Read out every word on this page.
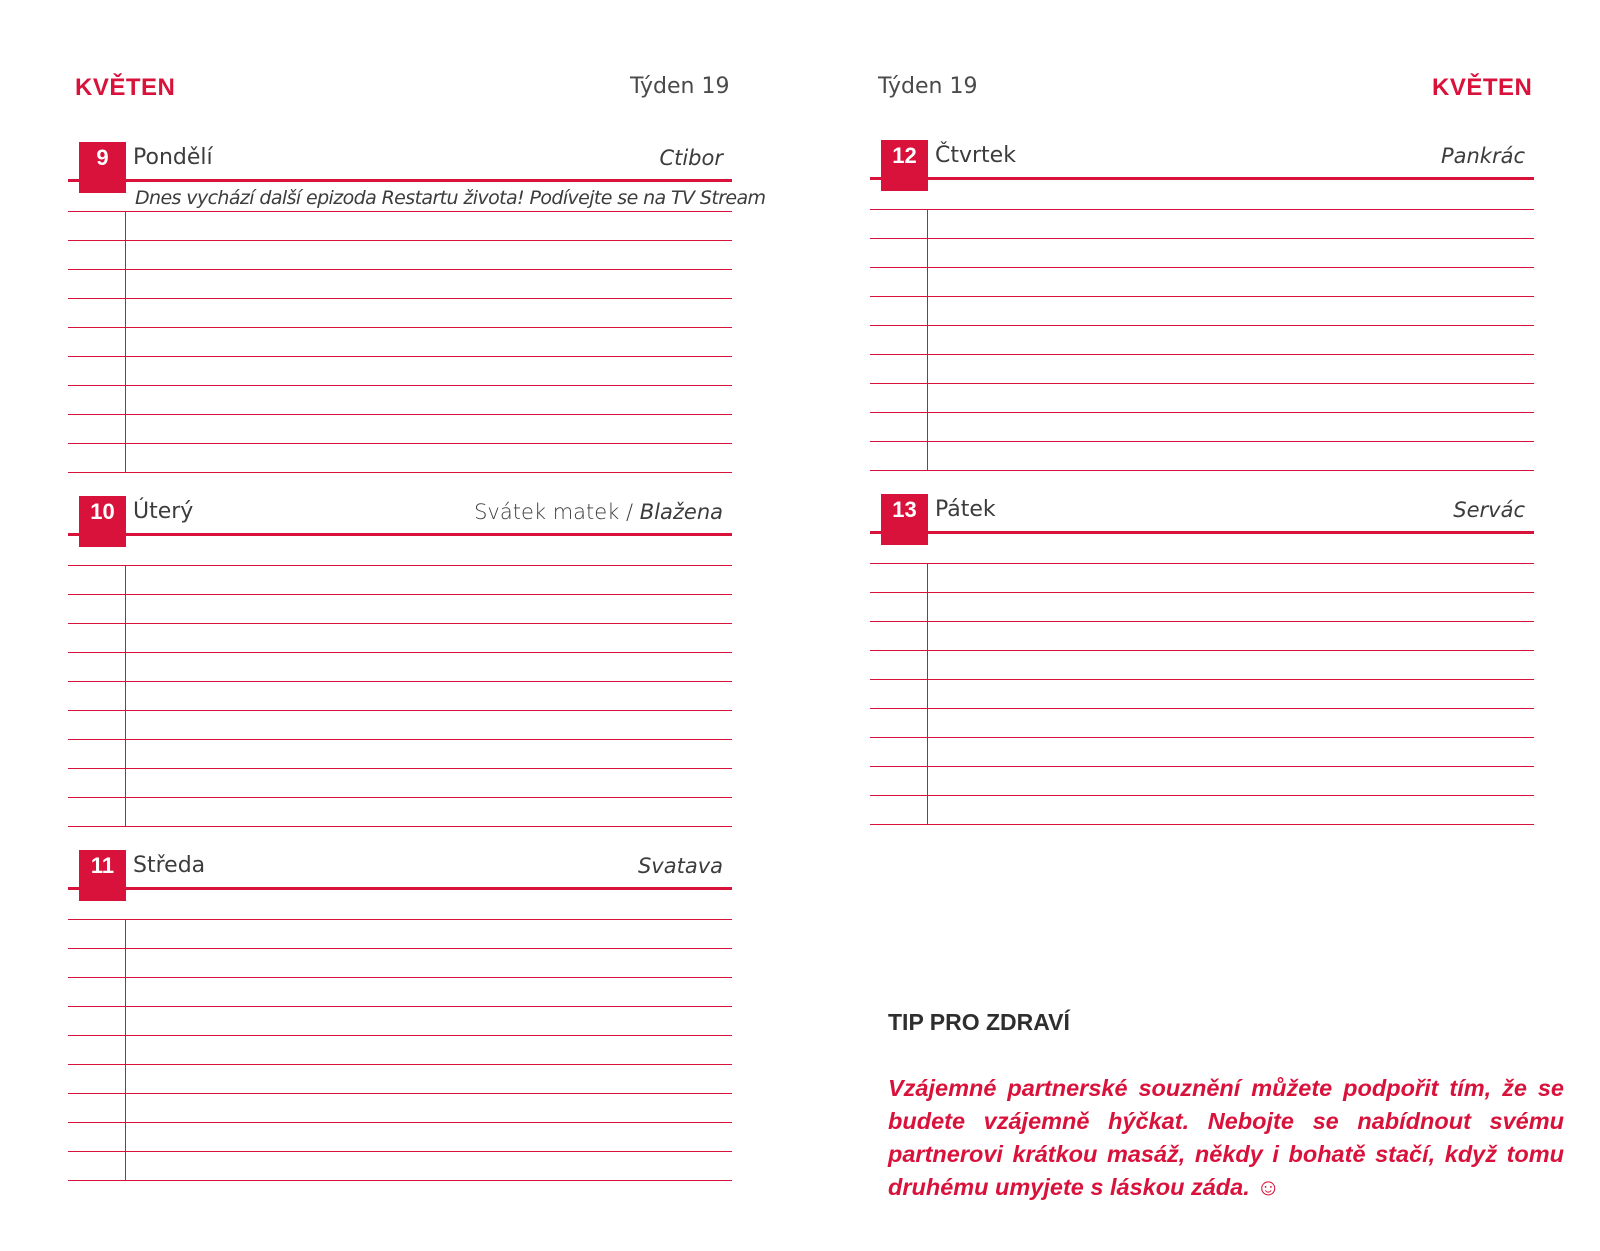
KVĚTEN	Týden 19	Týden 19	KVĚTEN
9	Pondělí	Ctibor
Dnes vychází další epizoda Restartu života! Podívejte se na TV Stream
10 Úterý	Svátek matek / Blažena
11 Středa	Svatava
12 Čtvrtek	Pankrác
13 Pátek	Servác
TIP PRO ZDRAVÍ
Vzájemné partnerské souznění můžete podpořit tím, že se budete vzájemně hýčkat. Nebojte se nabídnout svému partnerovi krátkou masáž, někdy i bohatě stačí, když tomu druhému umyjete s láskou záda. ☺
